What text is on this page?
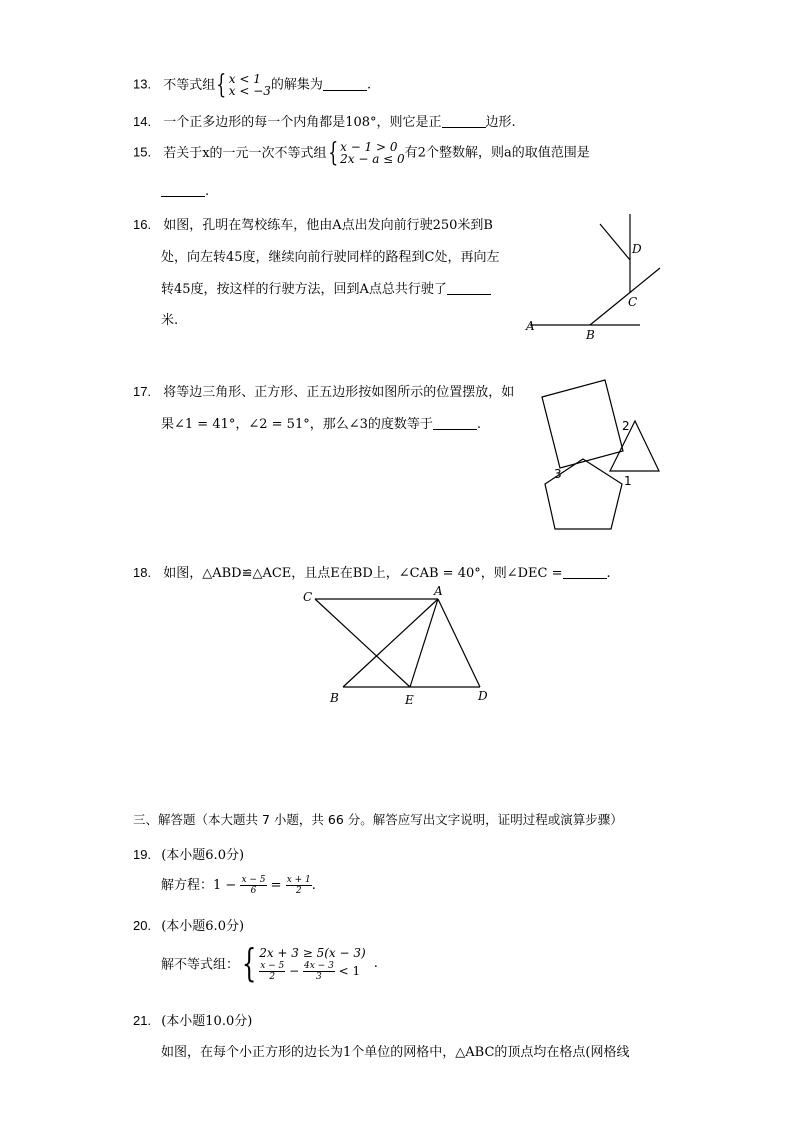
13. 不等式组{ x < 1
x < −3的解集为	.
14. 一个正多边形的每一个内角都是108°，则它是正	边形.
15. 若关于x的一元一次不等式组{ x − 1 > 0
2x − a ≤ 0有2个整数解，则a的取值范围是
.
16. 如图，孔明在驾校练车，他由A点出发向前行驶250米到B
处，向左转45度，继续向前行驶同样的路程到C处，再向左
转45度，按这样的行驶方法，回到A点总共行驶了
米.	A
B
C
D
17. 将等边三角形、正方形、正五边形按如图所示的位置摆放，如
果∠1 = 41°，∠2 = 51°，那么∠3的度数等于	.	2
1
3
18. 如图，△ABD≌△ACE，且点E在BD上，∠CAB = 40°，则∠DEC =	.
C	A
B	E	D
三、解答题（本大题共 7 小题，共 66 分。解答应写出文字说明，证明过程或演算步骤）
19. (本小题6.0分)
解方程：$1 - \frac{x - 5}{6} = \frac{x + 1}{2}$ .
20. (本小题6.0分)
解不等式组：{ 2x + 3 ≥ 5(x − 3)

$\frac{x - 5}{2} - \frac{4x - 3}{3} < 1$ .
21. (本小题10.0分)
如图，在每个小正方形的边长为1个单位的网格中，△ABC的顶点均在格点(网格线
